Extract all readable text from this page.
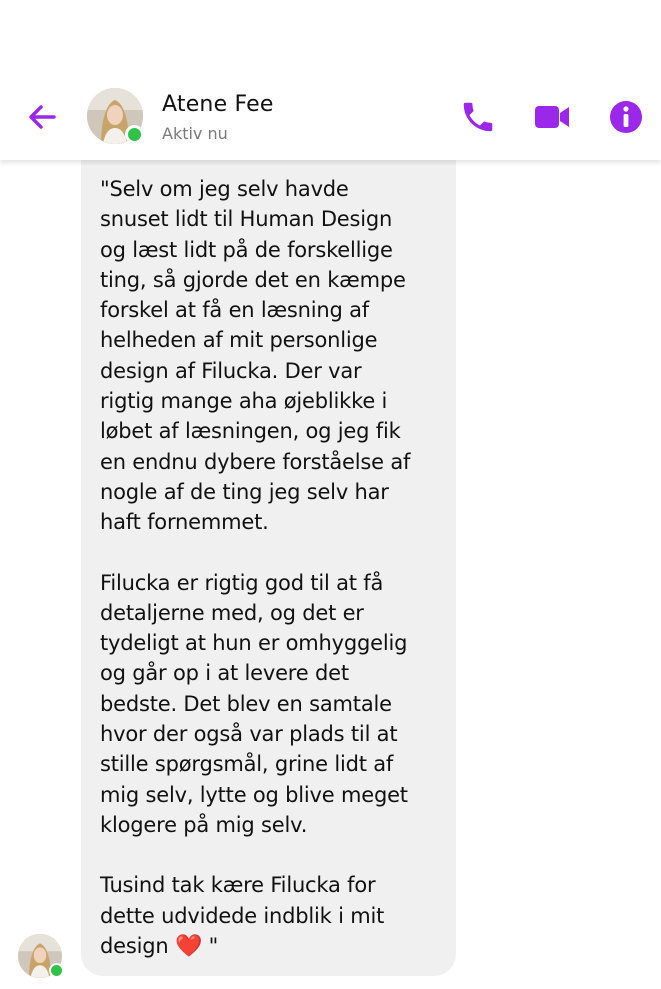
"Selv om jeg selv havde
snuset lidt til Human Design
og læst lidt på de forskellige
ting, så gjorde det en kæmpe
forskel at få en læsning af
helheden af mit personlige
design af Filucka. Der var
rigtig mange aha øjeblikke i
løbet af læsningen, og jeg fik
en endnu dybere forståelse af
nogle af de ting jeg selv har
haft fornemmet.

Filucka er rigtig god til at få
detaljerne med, og det er
tydeligt at hun er omhyggelig
og går op i at levere det
bedste. Det blev en samtale
hvor der også var plads til at
stille spørgsmål, grine lidt af
mig selv, lytte og blive meget
klogere på mig selv.

Tusind tak kære Filucka for
dette udvidede indblik i mit
design ❤️ "

Atene Fee
Aktiv nu
